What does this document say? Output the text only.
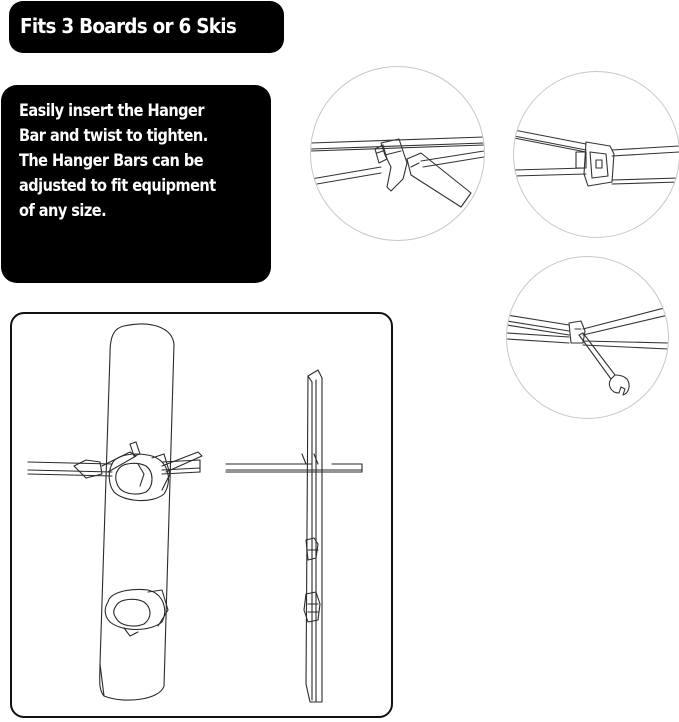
Fits 3 Boards or 6 Skis
Easily insert the Hanger
Bar and twist to tighten.
The Hanger Bars can be
adjusted to fit equipment
of any size.
